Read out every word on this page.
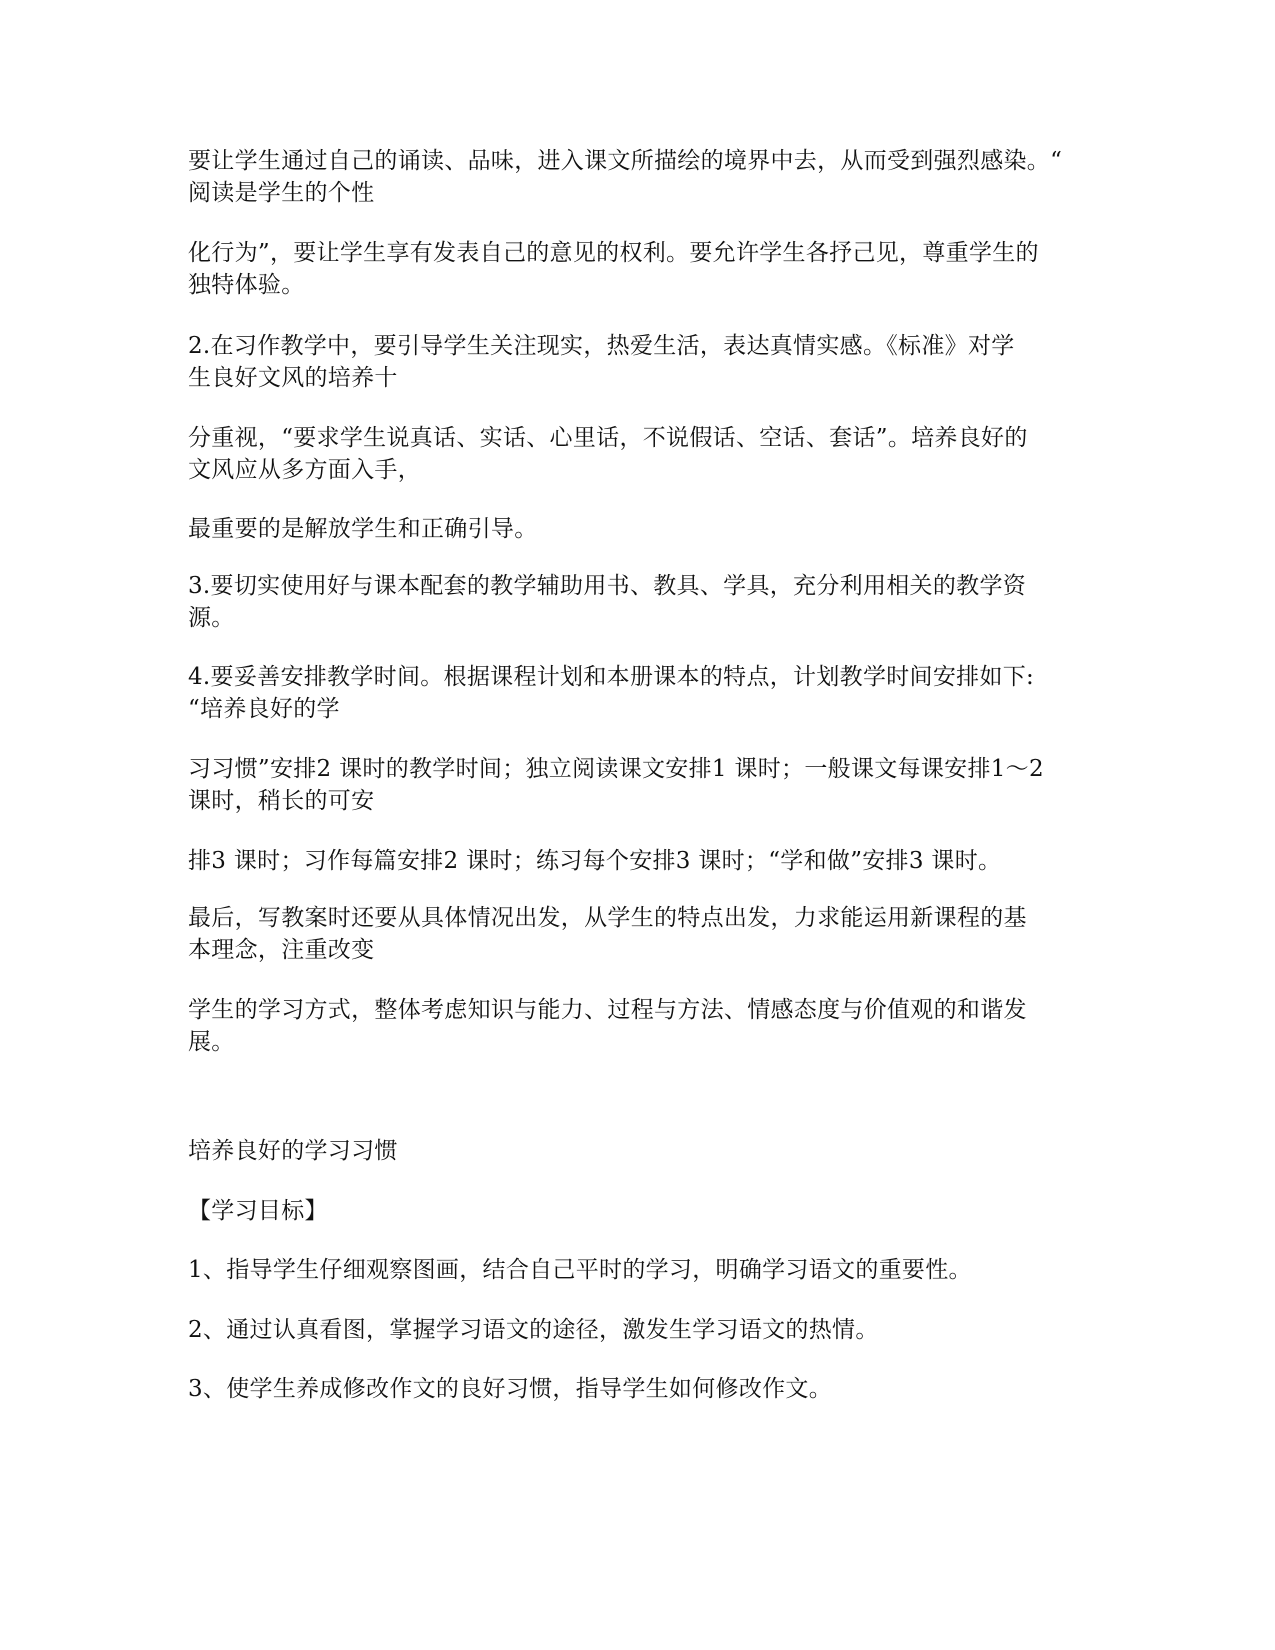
要让学生通过自己的诵读、品味，进入课文所描绘的境界中去，从而受到强烈感染。“
阅读是学生的个性

化行为”，要让学生享有发表自己的意见的权利。要允许学生各抒己见，尊重学生的
独特体验。

2.在习作教学中，要引导学生关注现实，热爱生活，表达真情实感。《标准》对学
生良好文风的培养十

分重视，“要求学生说真话、实话、心里话，不说假话、空话、套话”。培养良好的
文风应从多方面入手，

最重要的是解放学生和正确引导。

3.要切实使用好与课本配套的教学辅助用书、教具、学具，充分利用相关的教学资
源。

4.要妥善安排教学时间。根据课程计划和本册课本的特点，计划教学时间安排如下:
“培养良好的学

习习惯”安排2 课时的教学时间；独立阅读课文安排1 课时；一般课文每课安排1～2
课时，稍长的可安

排3 课时；习作每篇安排2 课时；练习每个安排3 课时；“学和做”安排3 课时。

最后，写教案时还要从具体情况出发，从学生的特点出发，力求能运用新课程的基
本理念，注重改变

学生的学习方式，整体考虑知识与能力、过程与方法、情感态度与价值观的和谐发
展。

培养良好的学习习惯

【学习目标】

1、指导学生仔细观察图画，结合自己平时的学习，明确学习语文的重要性。

2、通过认真看图，掌握学习语文的途径，激发生学习语文的热情。

3、使学生养成修改作文的良好习惯，指导学生如何修改作文。
